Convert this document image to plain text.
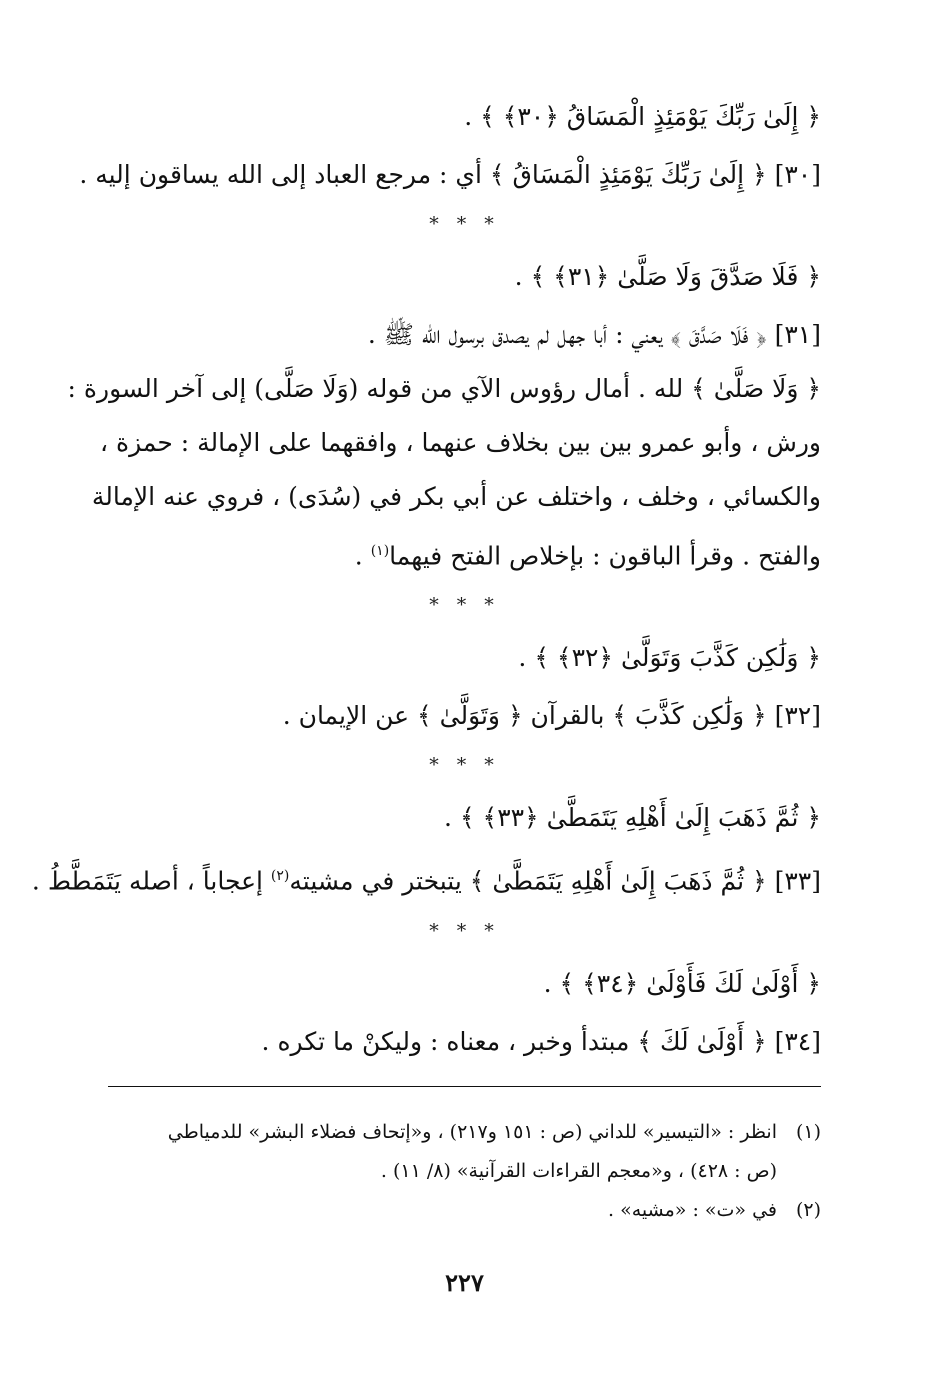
﴿ إِلَىٰ رَبِّكَ يَوْمَئِذٍ الْمَسَاقُ ﴿٣٠﴾ ﴾ .

[٣٠] ﴿ إِلَىٰ رَبِّكَ يَوْمَئِذٍ الْمَسَاقُ ﴾ أي : مرجع العباد إلى الله يساقون إليه .

* * *

﴿ فَلَا صَدَّقَ وَلَا صَلَّىٰ ﴿٣١﴾ ﴾ .

[٣١] ﴿ فَلَا صَدَّقَ ﴾ يعني : أبا جهل لم يصدق برسول الله ﷺ .

﴿ وَلَا صَلَّىٰ ﴾ لله . أمال رؤوس الآي من قوله (وَلَا صَلَّى) إلى آخر السورة :

ورش ، وأبو عمرو بين بين بخلاف عنهما ، وافقهما على الإمالة : حمزة ،

والكسائي ، وخلف ، واختلف عن أبي بكر في (سُدَى) ، فروي عنه الإمالة

والفتح . وقرأ الباقون : بإخلاص الفتح فيهما$^{(١)}$ .

* * *

﴿ وَلَٰكِن كَذَّبَ وَتَوَلَّىٰ ﴿٣٢﴾ ﴾ .

[٣٢] ﴿ وَلَٰكِن كَذَّبَ ﴾ بالقرآن ﴿ وَتَوَلَّىٰ ﴾ عن الإيمان .

* * *

﴿ ثُمَّ ذَهَبَ إِلَىٰ أَهْلِهِ يَتَمَطَّىٰ ﴿٣٣﴾ ﴾ .

[٣٣] ﴿ ثُمَّ ذَهَبَ إِلَىٰ أَهْلِهِ يَتَمَطَّىٰ ﴾ يتبختر في مشيته$^{(٢)}$ إعجاباً ، أصله يَتَمَطَّطُ .

* * *

﴿ أَوْلَىٰ لَكَ فَأَوْلَىٰ ﴿٣٤﴾ ﴾ .

[٣٤] ﴿ أَوْلَىٰ لَكَ ﴾ مبتدأ وخبر ، معناه : وليكنْ ما تكره .

(١)انظر : «التيسير» للداني (ص : ١٥١ و٢١٧) ، و«إتحاف فضلاء البشر» للدمياطي

(ص : ٤٢٨) ، و«معجم القراءات القرآنية» (٨/ ١١) .

(٢)في «ت» : «مشيه» .

٢٢٧
